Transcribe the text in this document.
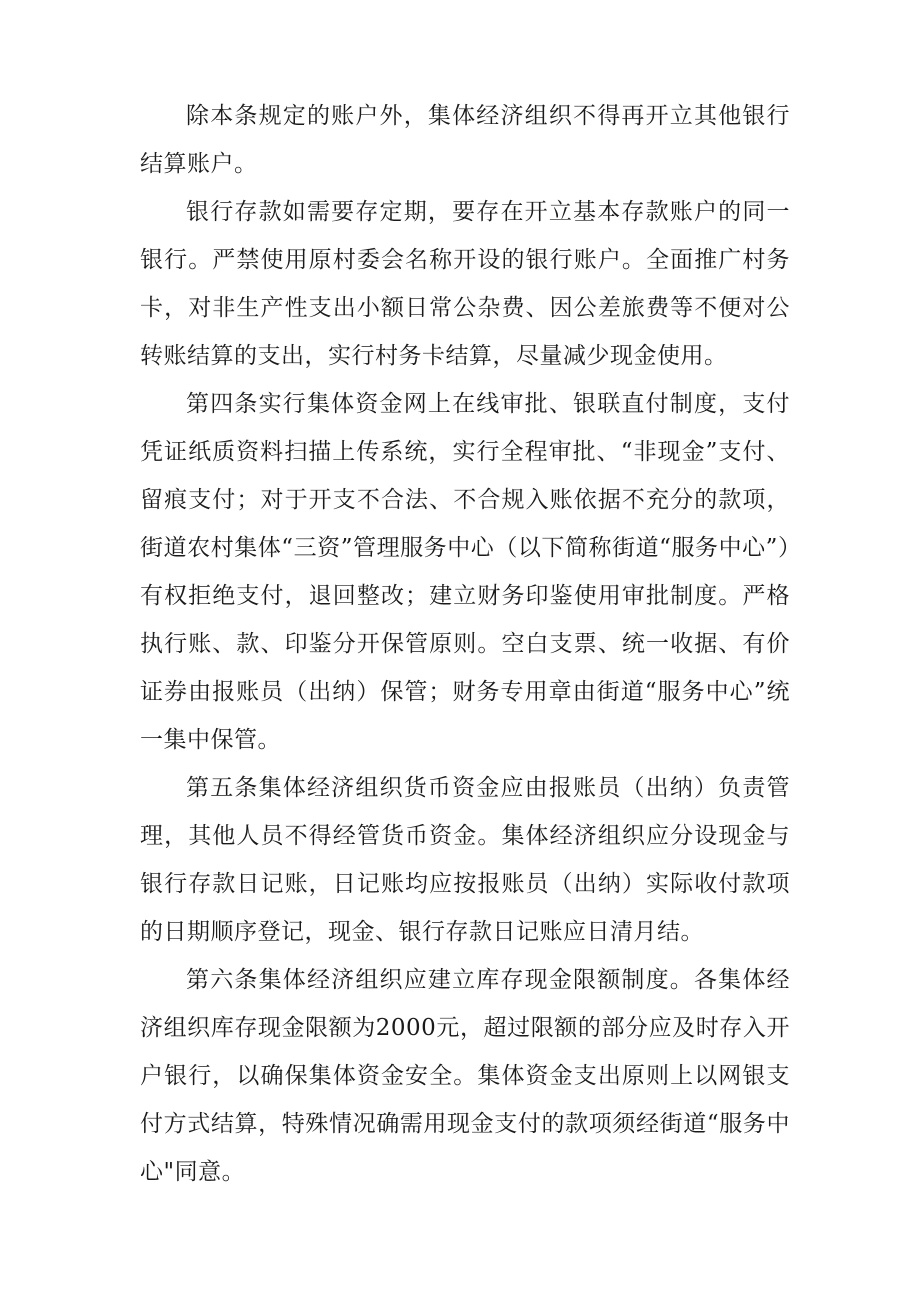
除本条规定的账户外，集体经济组织不得再开立其他银行结算账户。

银行存款如需要存定期，要存在开立基本存款账户的同一银行。严禁使用原村委会名称开设的银行账户。全面推广村务卡，对非生产性支出小额日常公杂费、因公差旅费等不便对公转账结算的支出，实行村务卡结算，尽量减少现金使用。

第四条实行集体资金网上在线审批、银联直付制度，支付凭证纸质资料扫描上传系统，实行全程审批、“非现金”支付、留痕支付；对于开支不合法、不合规入账依据不充分的款项，街道农村集体“三资”管理服务中心（以下简称街道“服务中心”）有权拒绝支付，退回整改；建立财务印鉴使用审批制度。严格执行账、款、印鉴分开保管原则。空白支票、统一收据、有价证券由报账员（出纳）保管；财务专用章由街道“服务中心”统一集中保管。

第五条集体经济组织货币资金应由报账员（出纳）负责管理，其他人员不得经管货币资金。集体经济组织应分设现金与银行存款日记账，日记账均应按报账员（出纳）实际收付款项的日期顺序登记，现金、银行存款日记账应日清月结。

第六条集体经济组织应建立库存现金限额制度。各集体经济组织库存现金限额为2000元，超过限额的部分应及时存入开户银行，以确保集体资金安全。集体资金支出原则上以网银支付方式结算，特殊情况确需用现金支付的款项须经街道“服务中心"同意。
